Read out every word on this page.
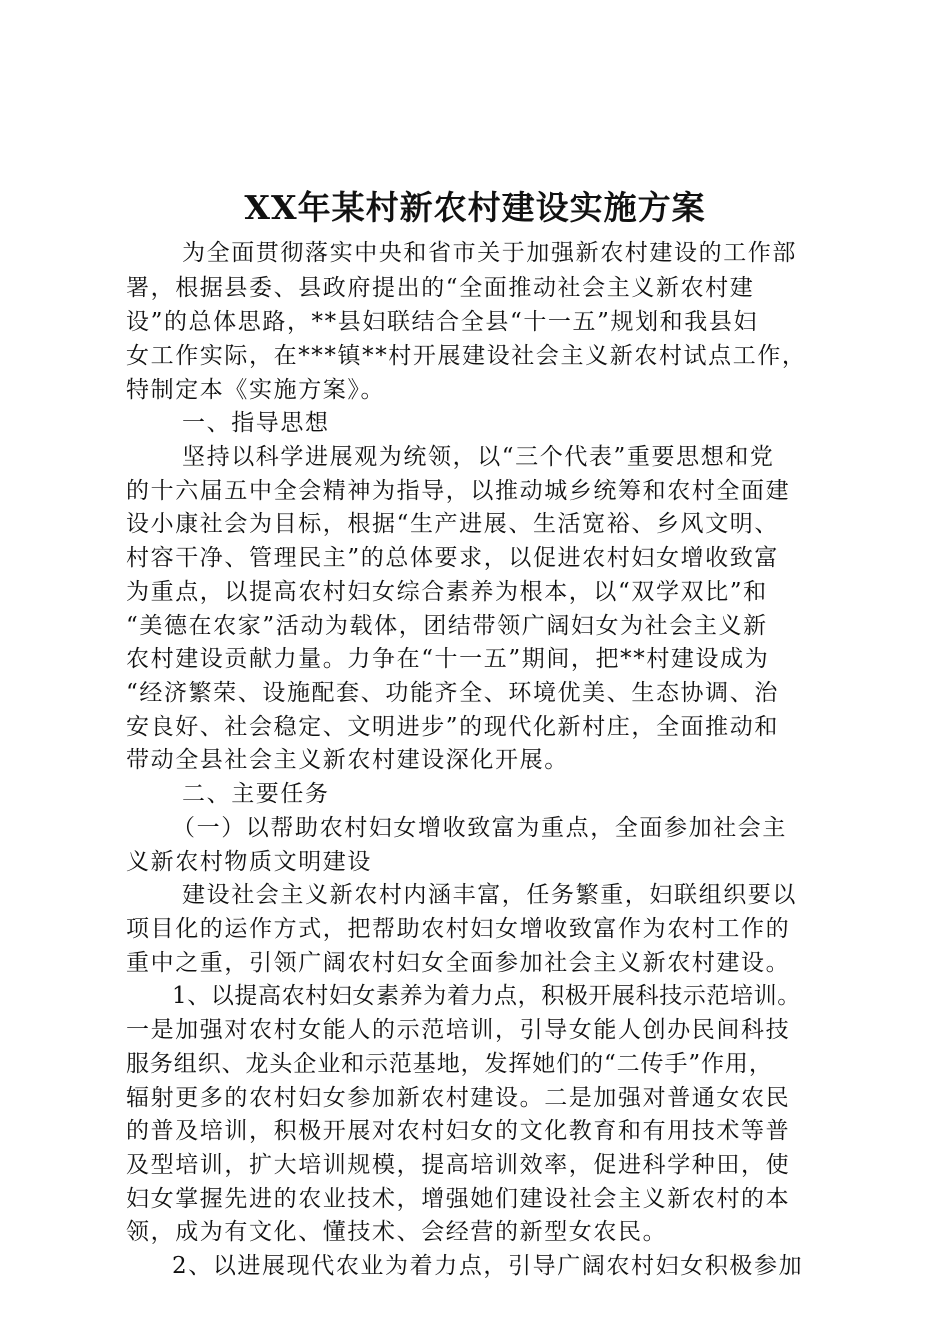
XX年某村新农村建设实施方案
为全面贯彻落实中央和省市关于加强新农村建设的工作部
署，根据县委、县政府提出的“全面推动社会主义新农村建
设”的总体思路，**县妇联结合全县“十一五”规划和我县妇
女工作实际，在***镇**村开展建设社会主义新农村试点工作，
特制定本《实施方案》。
一、指导思想
坚持以科学进展观为统领，以“三个代表”重要思想和党
的十六届五中全会精神为指导，以推动城乡统筹和农村全面建
设小康社会为目标，根据“生产进展、生活宽裕、乡风文明、
村容干净、管理民主”的总体要求，以促进农村妇女增收致富
为重点，以提高农村妇女综合素养为根本，以“双学双比”和
“美德在农家”活动为载体，团结带领广阔妇女为社会主义新
农村建设贡献力量。力争在“十一五”期间，把**村建设成为
“经济繁荣、设施配套、功能齐全、环境优美、生态协调、治
安良好、社会稳定、文明进步”的现代化新村庄，全面推动和
带动全县社会主义新农村建设深化开展。
二、主要任务
（一）以帮助农村妇女增收致富为重点，全面参加社会主
义新农村物质文明建设
建设社会主义新农村内涵丰富，任务繁重，妇联组织要以
项目化的运作方式，把帮助农村妇女增收致富作为农村工作的
重中之重，引领广阔农村妇女全面参加社会主义新农村建设。
1、以提高农村妇女素养为着力点，积极开展科技示范培训。
一是加强对农村女能人的示范培训，引导女能人创办民间科技
服务组织、龙头企业和示范基地，发挥她们的“二传手”作用，
辐射更多的农村妇女参加新农村建设。二是加强对普通女农民
的普及培训，积极开展对农村妇女的文化教育和有用技术等普
及型培训，扩大培训规模，提高培训效率，促进科学种田，使
妇女掌握先进的农业技术，增强她们建设社会主义新农村的本
领，成为有文化、懂技术、会经营的新型女农民。
2、以进展现代农业为着力点，引导广阔农村妇女积极参加
